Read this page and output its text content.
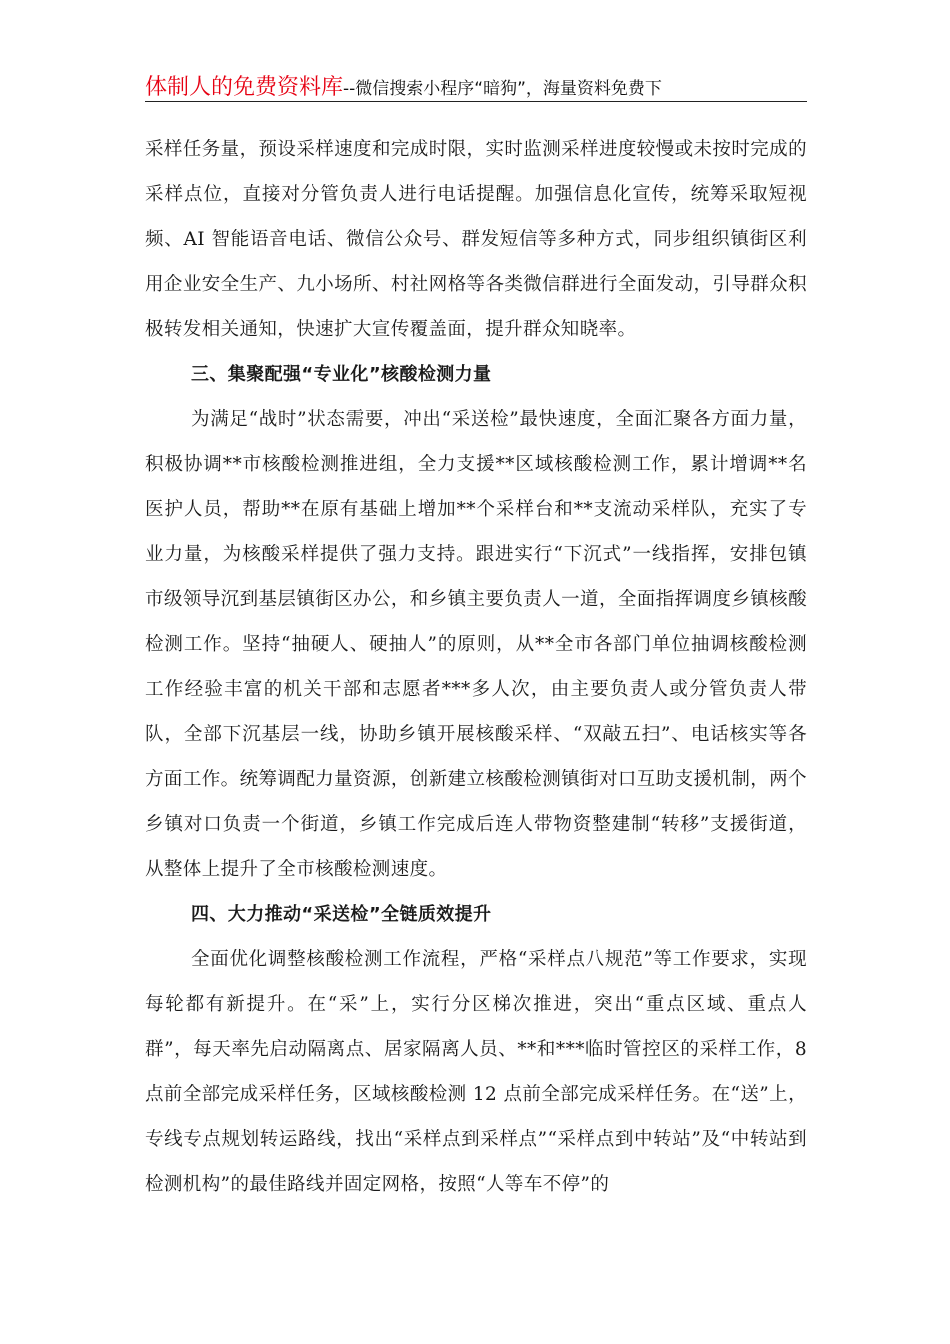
体制人的免费资料库--微信搜索小程序“暗狗”，海量资料免费下

采样任务量，预设采样速度和完成时限，实时监测采样进度较慢或未按时完成的采样点位，直接对分管负责人进行电话提醒。加强信息化宣传，统筹采取短视频、AI 智能语音电话、微信公众号、群发短信等多种方式，同步组织镇街区利用企业安全生产、九小场所、村社网格等各类微信群进行全面发动，引导群众积极转发相关通知，快速扩大宣传覆盖面，提升群众知晓率。

三、集聚配强“专业化”核酸检测力量

为满足“战时”状态需要，冲出“采送检”最快速度，全面汇聚各方面力量，积极协调**市核酸检测推进组，全力支援**区域核酸检测工作，累计增调**名医护人员，帮助**在原有基础上增加**个采样台和**支流动采样队，充实了专业力量，为核酸采样提供了强力支持。跟进实行“下沉式”一线指挥，安排包镇市级领导沉到基层镇街区办公，和乡镇主要负责人一道，全面指挥调度乡镇核酸检测工作。坚持“抽硬人、硬抽人”的原则，从**全市各部门单位抽调核酸检测工作经验丰富的机关干部和志愿者***多人次，由主要负责人或分管负责人带队，全部下沉基层一线，协助乡镇开展核酸采样、“双敲五扫”、电话核实等各方面工作。统筹调配力量资源，创新建立核酸检测镇街对口互助支援机制，两个乡镇对口负责一个街道，乡镇工作完成后连人带物资整建制“转移”支援街道，从整体上提升了全市核酸检测速度。

四、大力推动“采送检”全链质效提升

全面优化调整核酸检测工作流程，严格“采样点八规范”等工作要求，实现每轮都有新提升。在“采”上，实行分区梯次推进，突出“重点区域、重点人群”，每天率先启动隔离点、居家隔离人员、**和***临时管控区的采样工作，8 点前全部完成采样任务，区域核酸检测 12 点前全部完成采样任务。在“送”上，专线专点规划转运路线，找出“采样点到采样点”“采样点到中转站”及“中转站到检测机构”的最佳路线并固定网格，按照“人等车不停”的
